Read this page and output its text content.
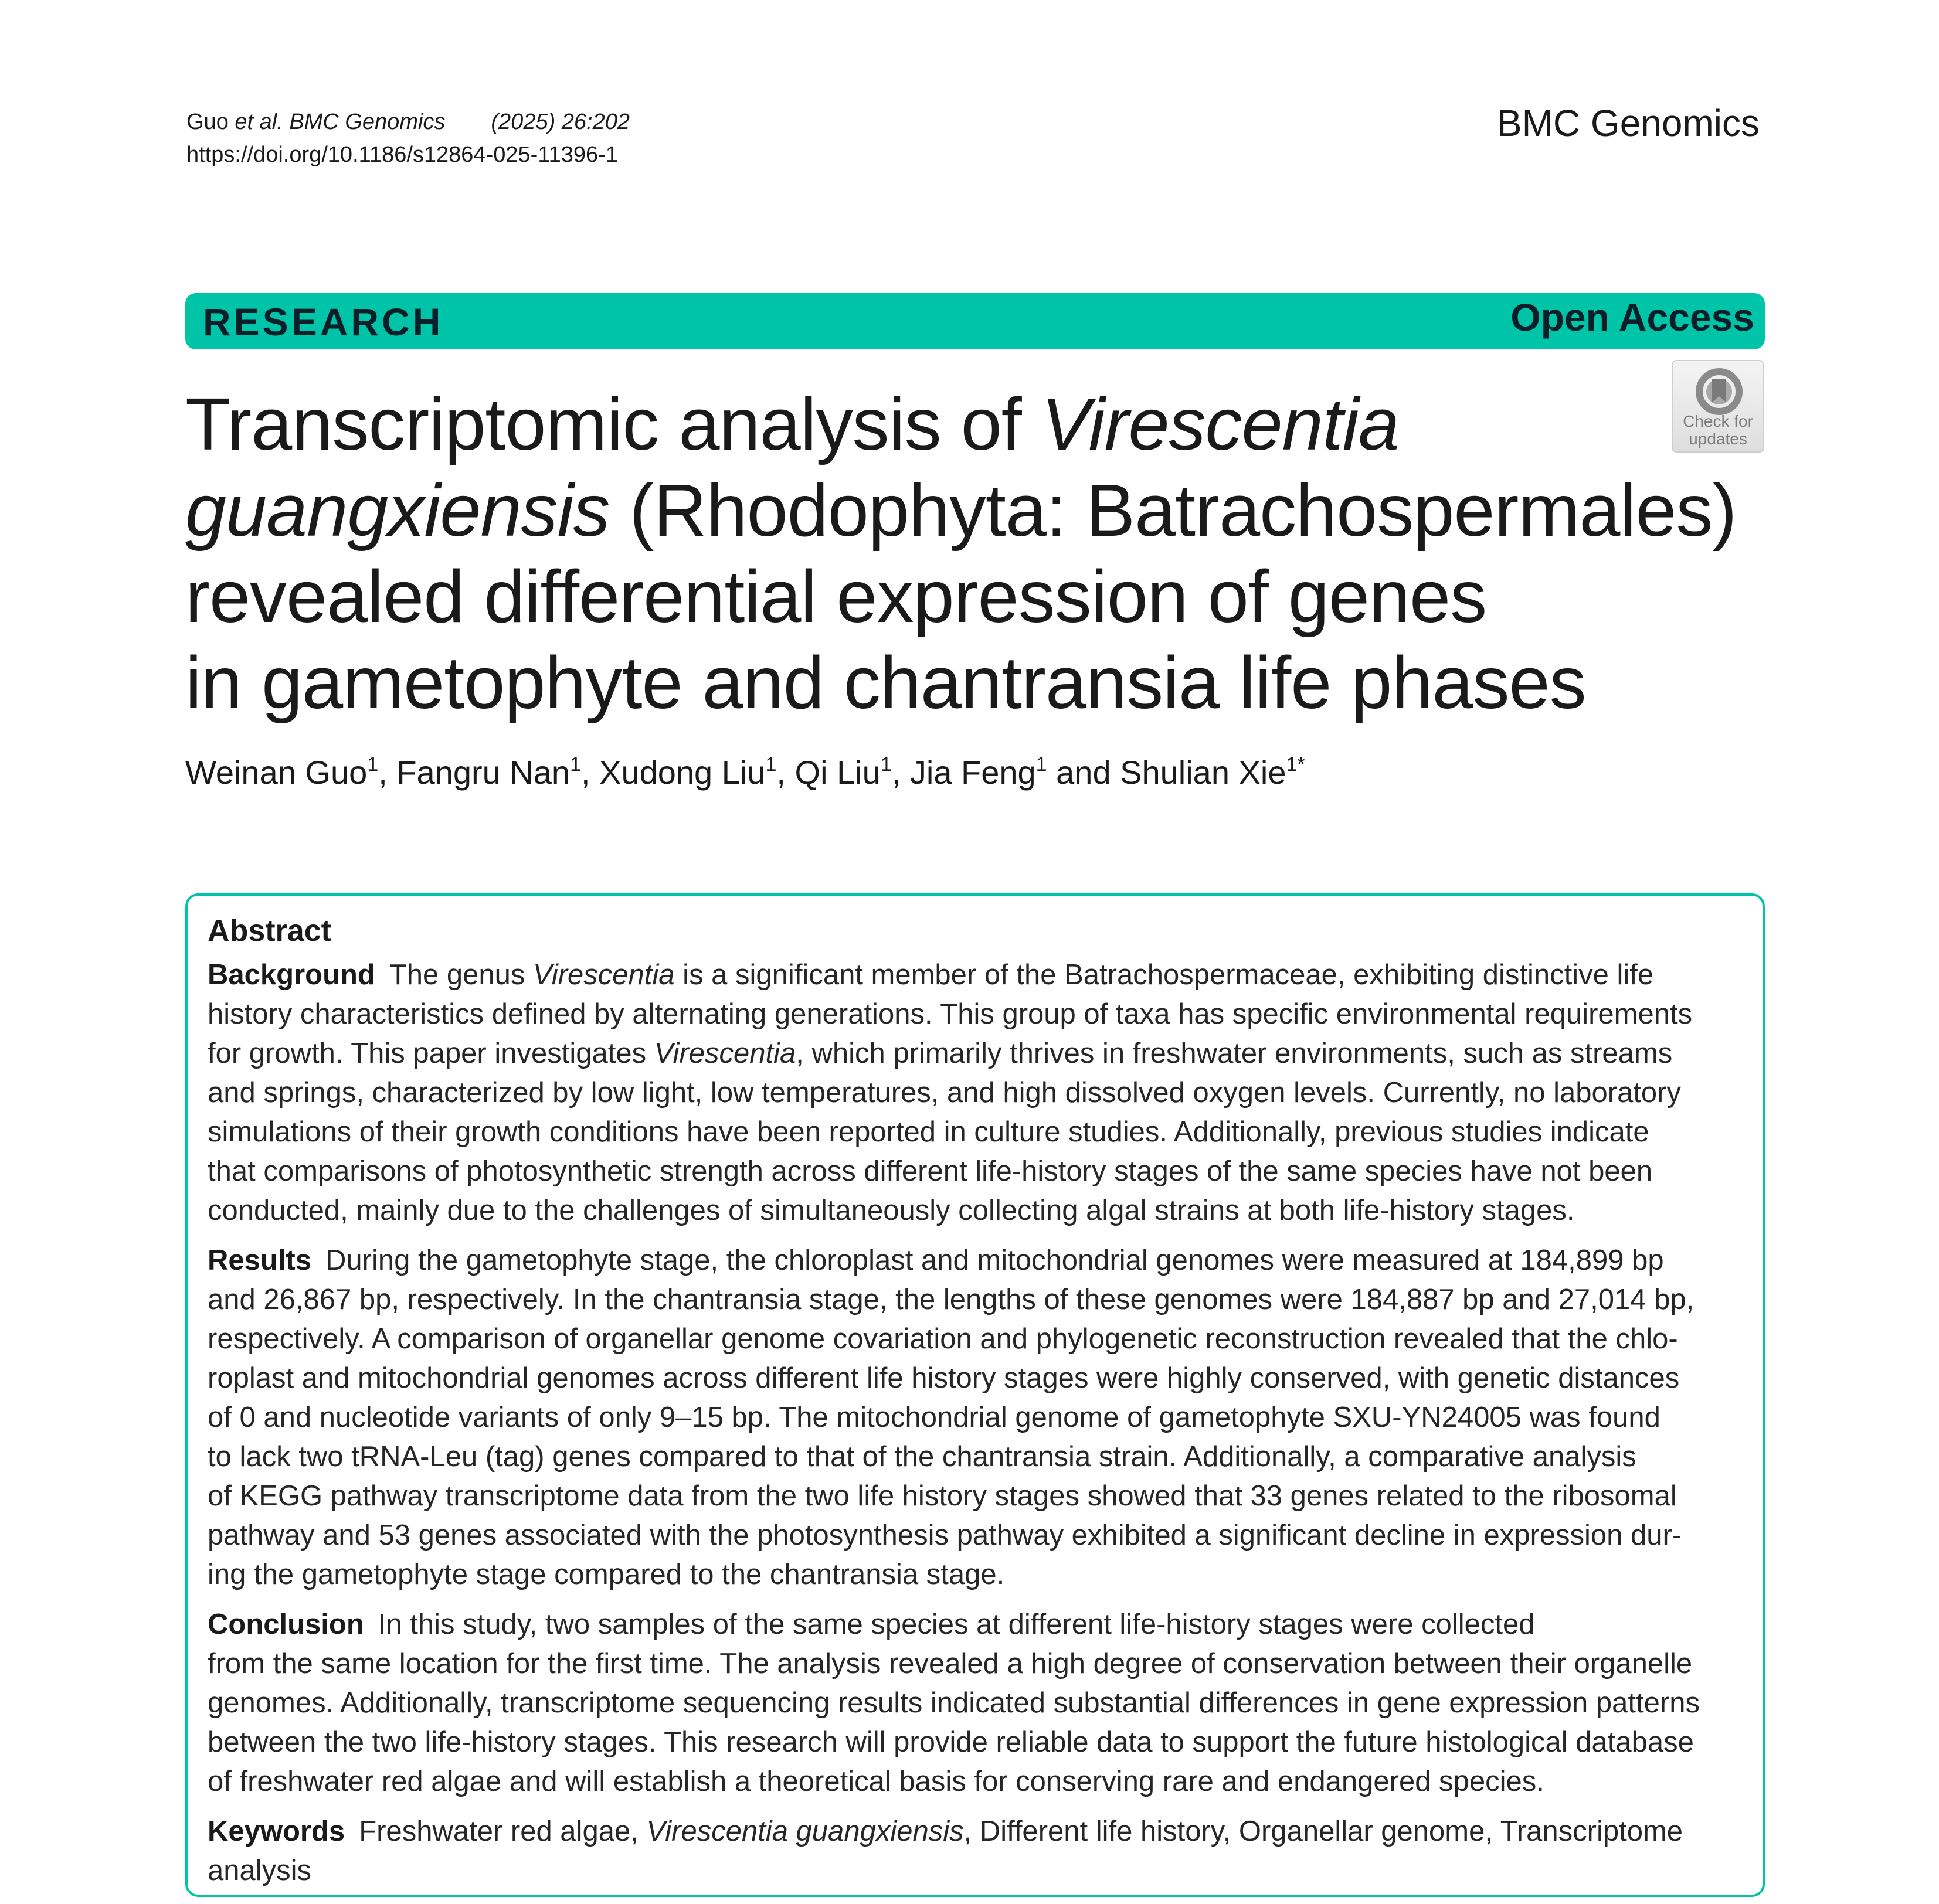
Guo et al. BMC Genomics (2025) 26:202
https://doi.org/10.1186/s12864-025-11396-1
BMC Genomics
RESEARCH	Open Access
Check for
updates
Transcriptomic analysis of Virescentia
guangxiensis (Rhodophyta: Batrachospermales)
revealed differential expression of genes
in gametophyte and chantransia life phases
Weinan Guo$^1$, Fangru Nan$^1$, Xudong Liu$^1$, Qi Liu$^1$, Jia Feng$^1$ and Shulian Xie$^{1*}$
Abstract
Background The genus Virescentia is a significant member of the Batrachospermaceae, exhibiting distinctive life
history characteristics defined by alternating generations. This group of taxa has specific environmental requirements
for growth. This paper investigates Virescentia, which primarily thrives in freshwater environments, such as streams
and springs, characterized by low light, low temperatures, and high dissolved oxygen levels. Currently, no laboratory
simulations of their growth conditions have been reported in culture studies. Additionally, previous studies indicate
that comparisons of photosynthetic strength across different life-history stages of the same species have not been
conducted, mainly due to the challenges of simultaneously collecting algal strains at both life-history stages.
Results During the gametophyte stage, the chloroplast and mitochondrial genomes were measured at 184,899 bp
and 26,867 bp, respectively. In the chantransia stage, the lengths of these genomes were 184,887 bp and 27,014 bp,
respectively. A comparison of organellar genome covariation and phylogenetic reconstruction revealed that the chlo-
roplast and mitochondrial genomes across different life history stages were highly conserved, with genetic distances
of 0 and nucleotide variants of only 9–15 bp. The mitochondrial genome of gametophyte SXU-YN24005 was found
to lack two tRNA-Leu (tag) genes compared to that of the chantransia strain. Additionally, a comparative analysis
of KEGG pathway transcriptome data from the two life history stages showed that 33 genes related to the ribosomal
pathway and 53 genes associated with the photosynthesis pathway exhibited a significant decline in expression dur-
ing the gametophyte stage compared to the chantransia stage.
Conclusion In this study, two samples of the same species at different life-history stages were collected
from the same location for the first time. The analysis revealed a high degree of conservation between their organelle
genomes. Additionally, transcriptome sequencing results indicated substantial differences in gene expression patterns
between the two life-history stages. This research will provide reliable data to support the future histological database
of freshwater red algae and will establish a theoretical basis for conserving rare and endangered species.
Keywords Freshwater red algae, Virescentia guangxiensis, Different life history, Organellar genome, Transcriptome
analysis
